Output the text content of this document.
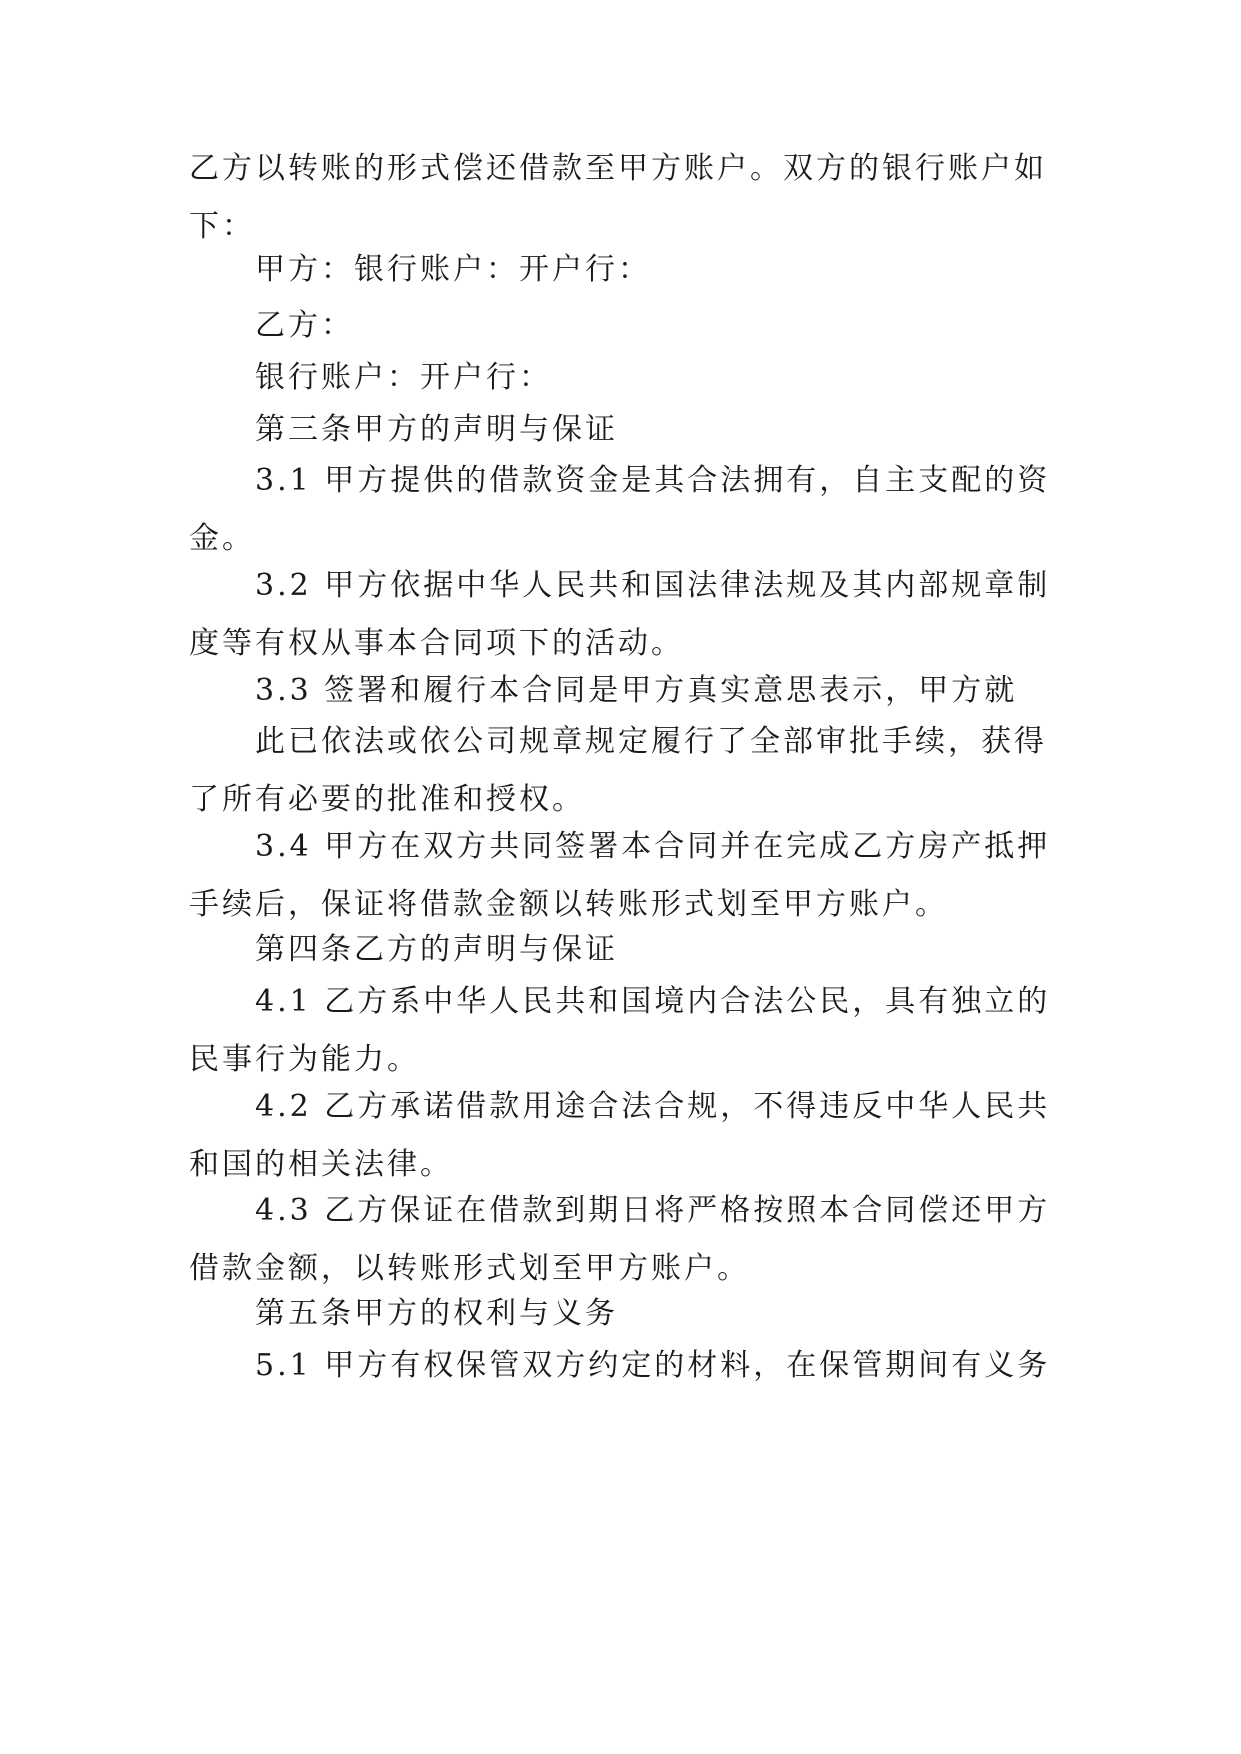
乙方以转账的形式偿还借款至甲方账户。双方的银行账户如下：

甲方：银行账户：开户行：

乙方：

银行账户：开户行：

第三条甲方的声明与保证

3.1 甲方提供的借款资金是其合法拥有，自主支配的资金。

3.2 甲方依据中华人民共和国法律法规及其内部规章制度等有权从事本合同项下的活动。

3.3 签署和履行本合同是甲方真实意思表示，甲方就

此已依法或依公司规章规定履行了全部审批手续，获得了所有必要的批准和授权。

3.4 甲方在双方共同签署本合同并在完成乙方房产抵押手续后，保证将借款金额以转账形式划至甲方账户。

第四条乙方的声明与保证

4.1 乙方系中华人民共和国境内合法公民，具有独立的民事行为能力。

4.2 乙方承诺借款用途合法合规，不得违反中华人民共和国的相关法律。

4.3 乙方保证在借款到期日将严格按照本合同偿还甲方借款金额，以转账形式划至甲方账户。

第五条甲方的权利与义务

5.1 甲方有权保管双方约定的材料，在保管期间有义务
